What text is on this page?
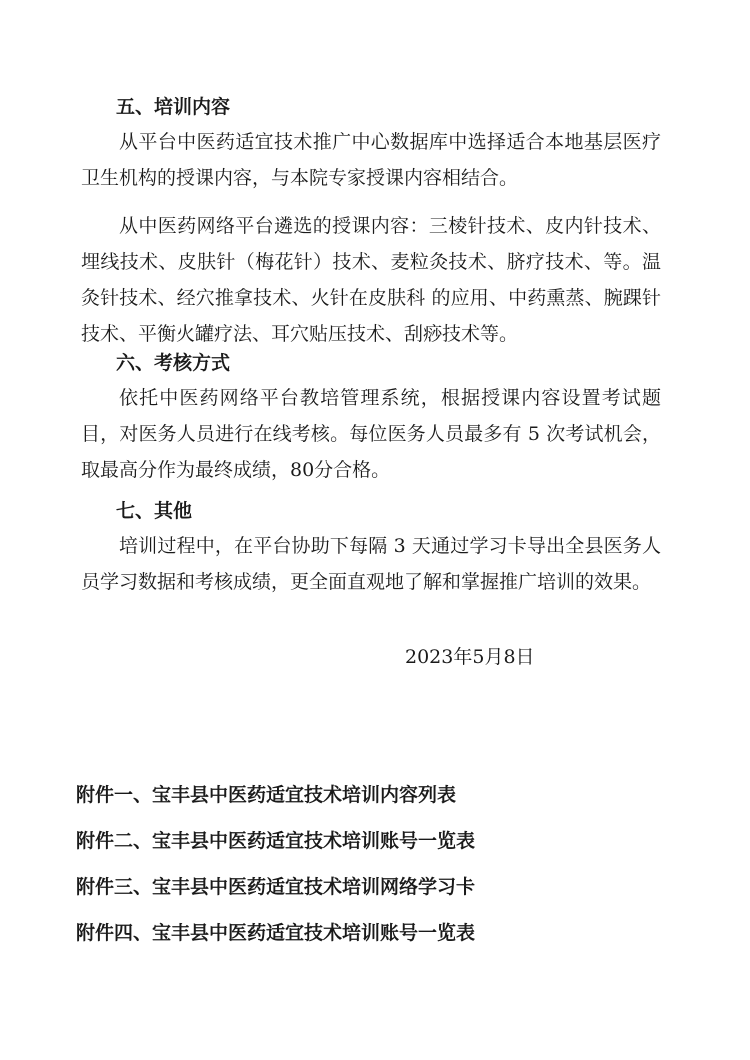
五、培训内容

从平台中医药适宜技术推广中心数据库中选择适合本地基层医疗卫生机构的授课内容，与本院专家授课内容相结合。

从中医药网络平台遴选的授课内容：三棱针技术、皮内针技术、埋线技术、皮肤针（梅花针）技术、麦粒灸技术、脐疗技术、等。温灸针技术、经穴推拿技术、火针在皮肤科 的应用、中药熏蒸、腕踝针技术、平衡火罐疗法、耳穴贴压技术、刮痧技术等。

六、考核方式

依托中医药网络平台教培管理系统，根据授课内容设置考试题目，对医务人员进行在线考核。每位医务人员最多有 5 次考试机会，取最高分作为最终成绩，80分合格。

七、其他

培训过程中，在平台协助下每隔 3 天通过学习卡导出全县医务人员学习数据和考核成绩，更全面直观地了解和掌握推广培训的效果。

2023年5月8日
附件一、宝丰县中医药适宜技术培训内容列表
附件二、宝丰县中医药适宜技术培训账号一览表
附件三、宝丰县中医药适宜技术培训网络学习卡
附件四、宝丰县中医药适宜技术培训账号一览表
